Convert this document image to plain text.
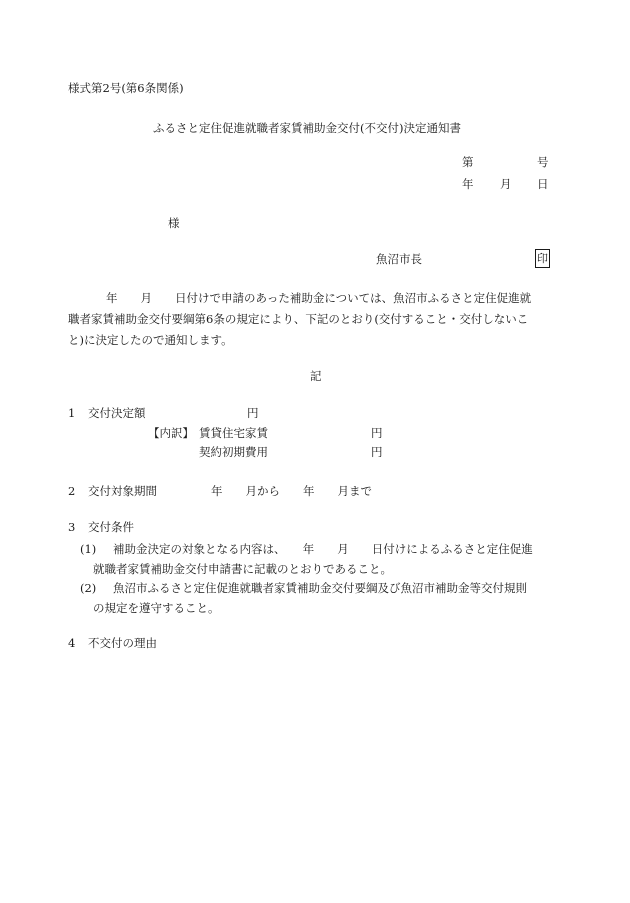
様式第2号(第6条関係)
ふるさと定住促進就職者家賃補助金交付(不交付)決定通知書
第	号
年 月 日
様
魚沼市長	印
年　　月　　日付けで申請のあった補助金については、魚沼市ふるさと定住促進就
職者家賃補助金交付要綱第6条の規定により、下記のとおり(交付すること・交付しないこ
と)に決定したので通知します。
記
1 交付決定額	円
【内訳】 賃貸住宅家賃	円
契約初期費用	円
2 交付対象期間	年　　月から　　年　　月まで
3 交付条件
(1) 補助金決定の対象となる内容は、　　年　　月　　日付けによるふるさと定住促進
就職者家賃補助金交付申請書に記載のとおりであること。
(2) 魚沼市ふるさと定住促進就職者家賃補助金交付要綱及び魚沼市補助金等交付規則
の規定を遵守すること。
4 不交付の理由
